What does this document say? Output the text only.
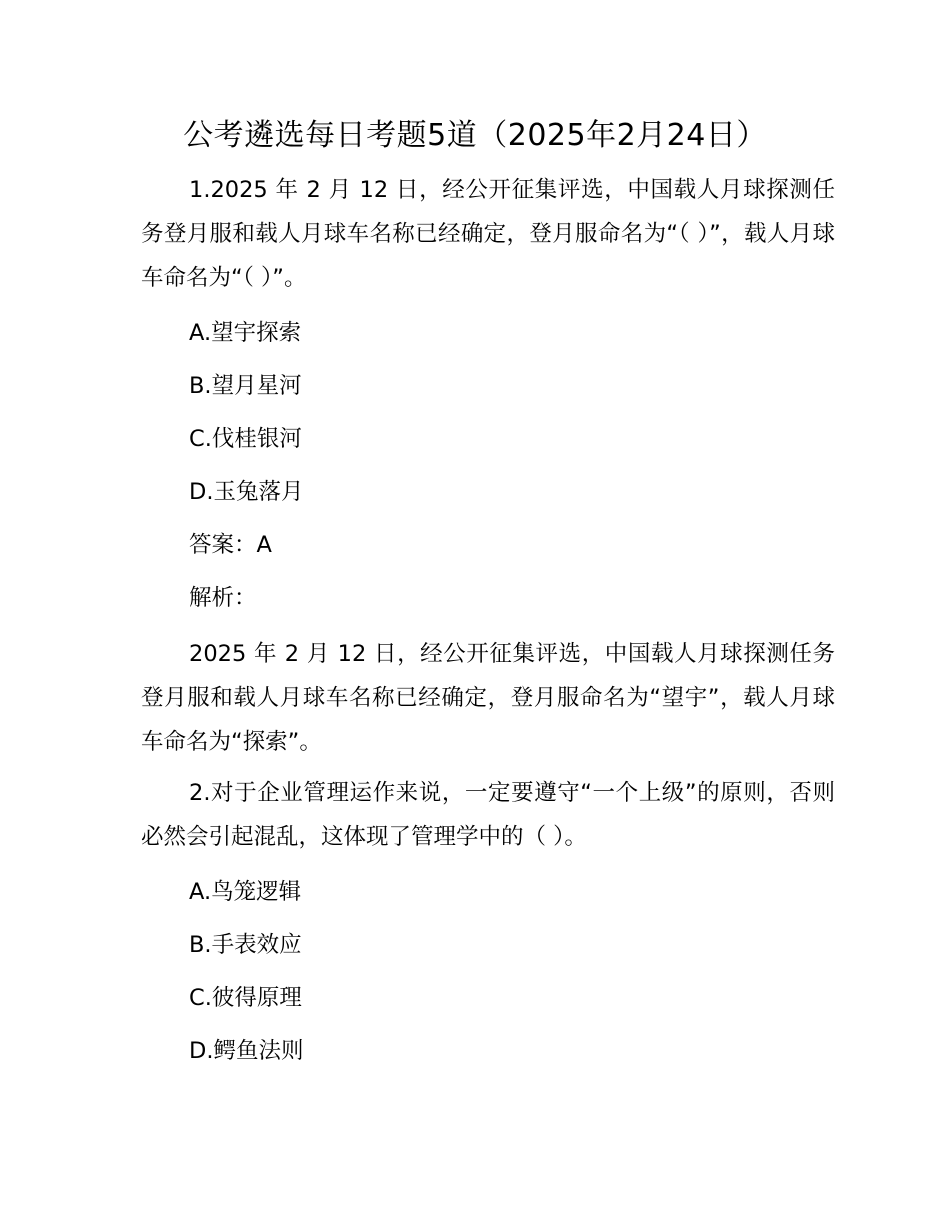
公考遴选每日考题5道（2025年2月24日）

1.2025 年 2 月 12 日，经公开征集评选，中国载人月球探测任务登月服和载人月球车名称已经确定，登月服命名为“（ ）”，载人月球车命名为“（ ）”。

A.望宇探索

B.望月星河

C.伐桂银河

D.玉兔落月

答案：A

解析：

2025 年 2 月 12 日，经公开征集评选，中国载人月球探测任务登月服和载人月球车名称已经确定，登月服命名为“望宇”，载人月球车命名为“探索”。

2.对于企业管理运作来说，一定要遵守“一个上级”的原则，否则必然会引起混乱，这体现了管理学中的（ ）。

A.鸟笼逻辑

B.手表效应

C.彼得原理

D.鳄鱼法则
